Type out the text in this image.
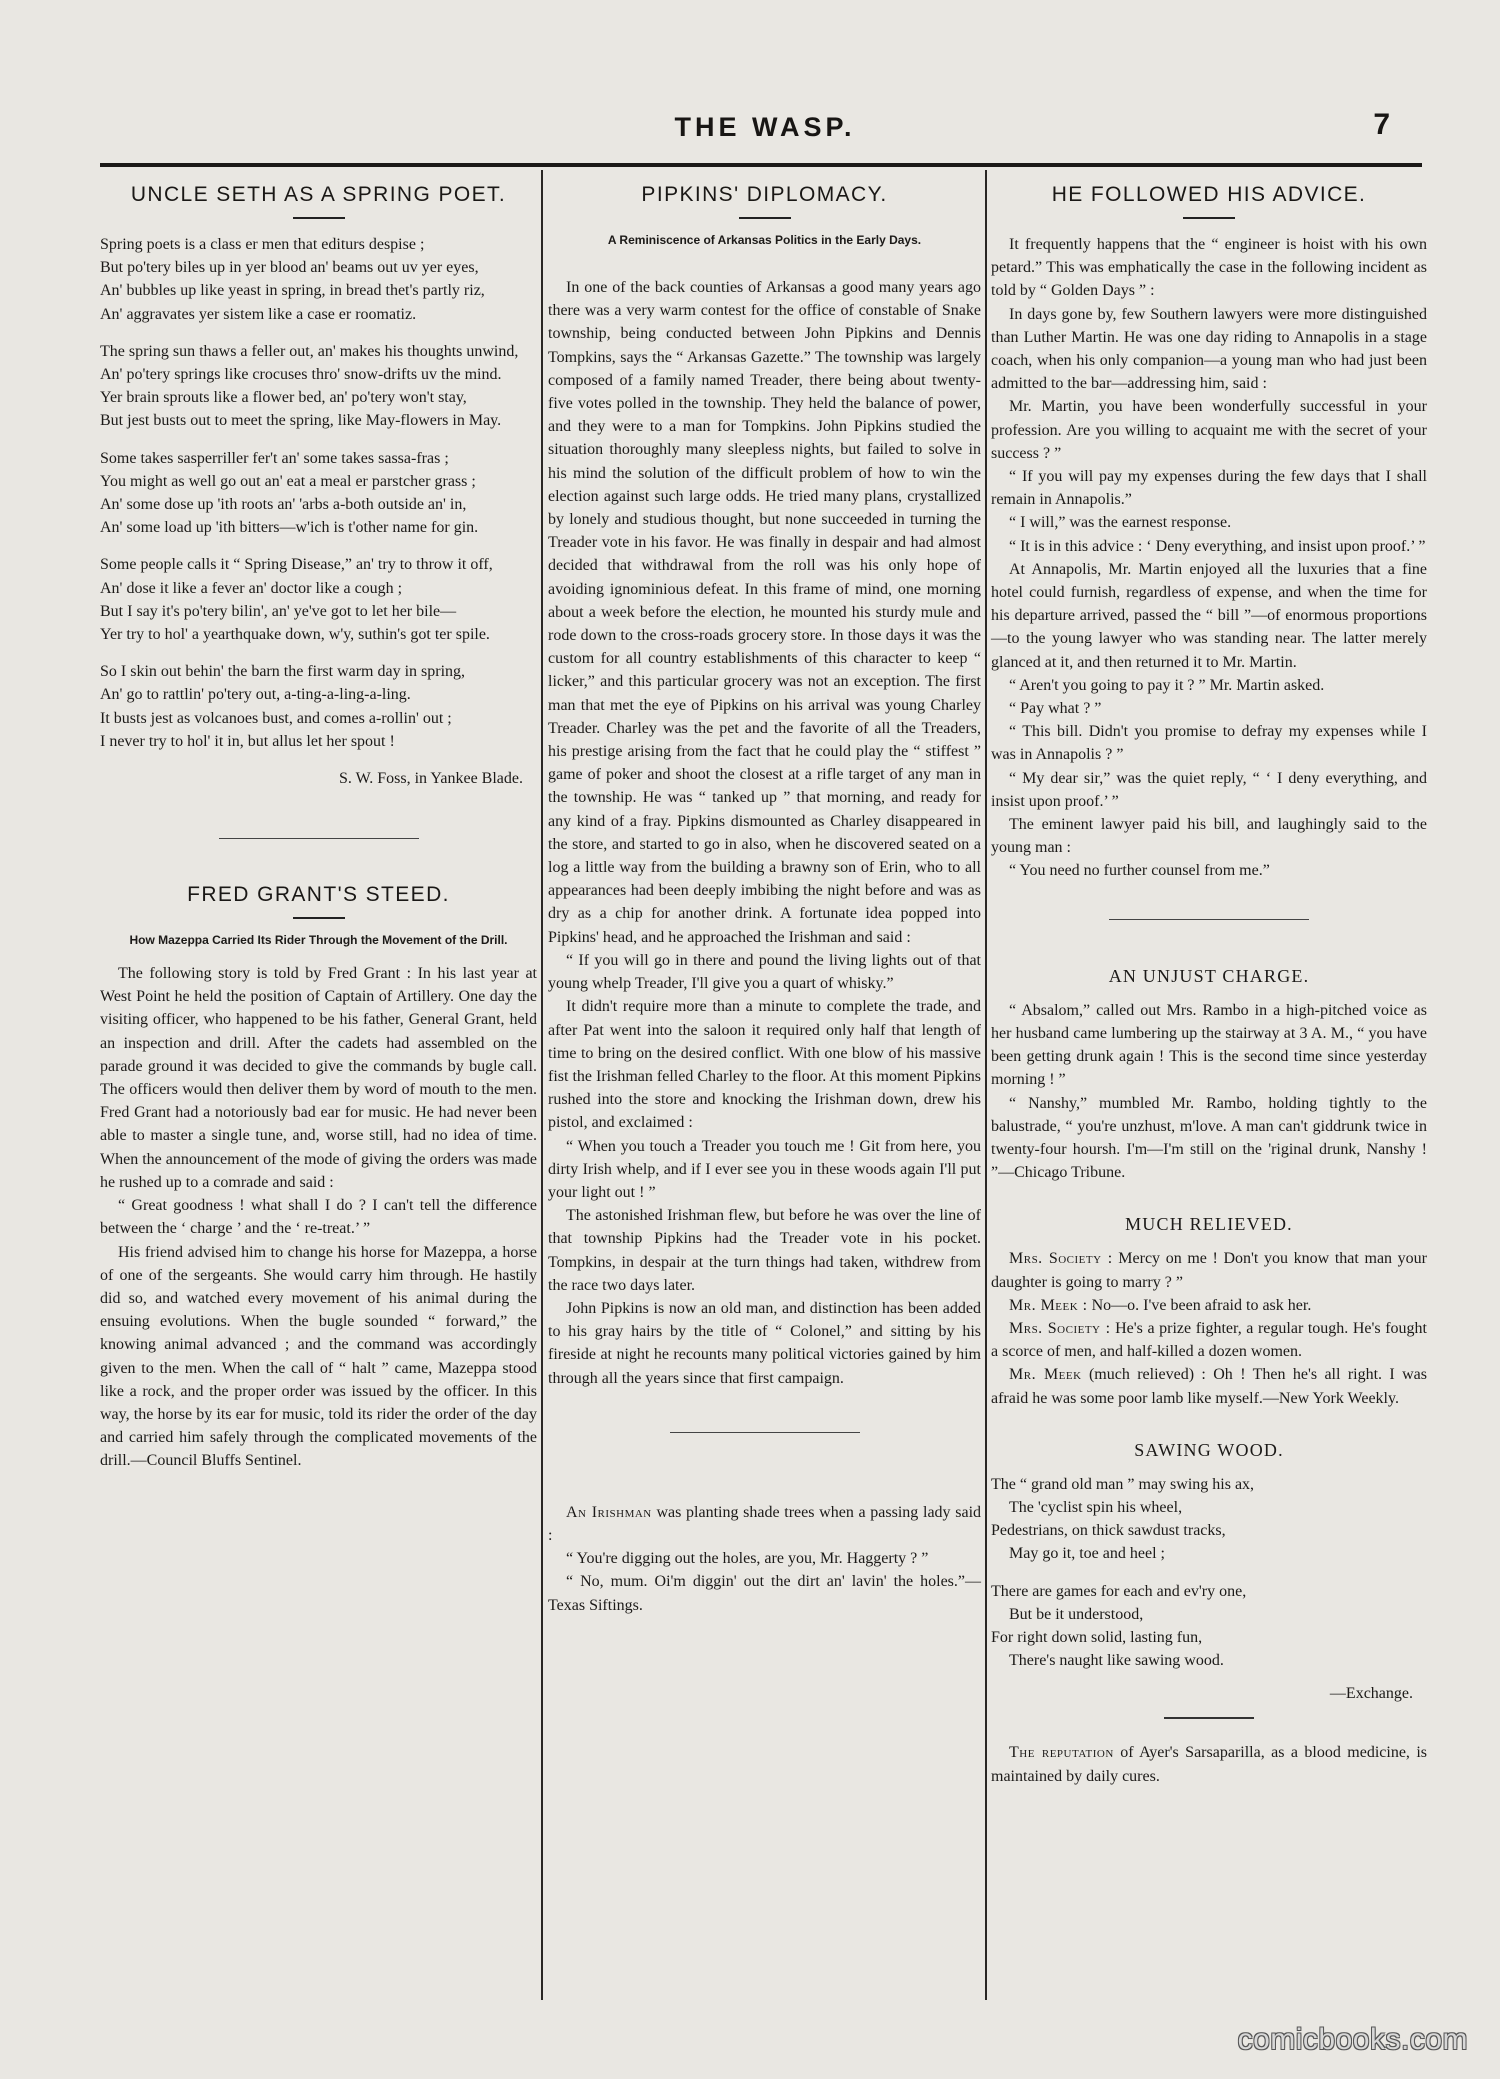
THE WASP.	7
UNCLE SETH AS A SPRING POET.
Spring poets is a class er men that editurs despise ;
But po'tery biles up in yer blood an' beams out uv yer eyes,
An' bubbles up like yeast in spring, in bread thet's partly riz,
An' aggravates yer sistem like a case er roomatiz.
The spring sun thaws a feller out, an' makes his thoughts unwind,
An' po'tery springs like crocuses thro' snow-drifts uv the mind.
Yer brain sprouts like a flower bed, an' po'tery won't stay,
But jest busts out to meet the spring, like May-flowers in May.
Some takes sasperriller fer't an' some takes sassa-fras ;
You might as well go out an' eat a meal er parstcher grass ;
An' some dose up 'ith roots an' 'arbs a-both outside an' in,
An' some load up 'ith bitters—w'ich is t'other name for gin.
Some people calls it “ Spring Disease,” an' try to throw it off,
An' dose it like a fever an' doctor like a cough ;
But I say it's po'tery bilin', an' ye've got to let her bile—
Yer try to hol' a yearthquake down, w'y, suthin's got ter spile.
So I skin out behin' the barn the first warm day in spring,
An' go to rattlin' po'tery out, a-ting-a-ling-a-ling.
It busts jest as volcanoes bust, and comes a-rollin' out ;
I never try to hol' it in, but allus let her spout !
S. W. Foss, in Yankee Blade.
FRED GRANT'S STEED.
How Mazeppa Carried Its Rider Through the Movement of the Drill.

The following story is told by Fred Grant : In his last year at West Point he held the position of Captain of Artillery. One day the visiting officer, who happened to be his father, General Grant, held an inspection and drill. After the cadets had assembled on the parade ground it was decided to give the commands by bugle call. The officers would then deliver them by word of mouth to the men. Fred Grant had a notoriously bad ear for music. He had never been able to master a single tune, and, worse still, had no idea of time. When the announcement of the mode of giving the orders was made he rushed up to a comrade and said :

“ Great goodness ! what shall I do ? I can't tell the difference between the ‘ charge ’ and the ‘ re-treat.’ ”

His friend advised him to change his horse for Mazeppa, a horse of one of the sergeants. She would carry him through. He hastily did so, and watched every movement of his animal during the ensuing evolutions. When the bugle sounded “ forward,” the knowing animal advanced ; and the command was accordingly given to the men. When the call of “ halt ” came, Mazeppa stood like a rock, and the proper order was issued by the officer. In this way, the horse by its ear for music, told its rider the order of the day and carried him safely through the complicated movements of the drill.—Council Bluffs Sentinel.

PIPKINS' DIPLOMACY.
A Reminiscence of Arkansas Politics in the Early Days.

In one of the back counties of Arkansas a good many years ago there was a very warm contest for the office of constable of Snake township, being conducted between John Pipkins and Dennis Tompkins, says the “ Arkansas Gazette.” The township was largely composed of a family named Treader, there being about twenty-five votes polled in the township. They held the balance of power, and they were to a man for Tompkins. John Pipkins studied the situation thoroughly many sleepless nights, but failed to solve in his mind the solution of the difficult problem of how to win the election against such large odds. He tried many plans, crystallized by lonely and studious thought, but none succeeded in turning the Treader vote in his favor. He was finally in despair and had almost decided that withdrawal from the roll was his only hope of avoiding ignominious defeat. In this frame of mind, one morning about a week before the election, he mounted his sturdy mule and rode down to the cross-roads grocery store. In those days it was the custom for all country establishments of this character to keep “ licker,” and this particular grocery was not an exception. The first man that met the eye of Pipkins on his arrival was young Charley Treader. Charley was the pet and the favorite of all the Treaders, his prestige arising from the fact that he could play the “ stiffest ” game of poker and shoot the closest at a rifle target of any man in the township. He was “ tanked up ” that morning, and ready for any kind of a fray. Pipkins dismounted as Charley disappeared in the store, and started to go in also, when he discovered seated on a log a little way from the building a brawny son of Erin, who to all appearances had been deeply imbibing the night before and was as dry as a chip for another drink. A fortunate idea popped into Pipkins' head, and he approached the Irishman and said :

“ If you will go in there and pound the living lights out of that young whelp Treader, I'll give you a quart of whisky.”

It didn't require more than a minute to complete the trade, and after Pat went into the saloon it required only half that length of time to bring on the desired conflict. With one blow of his massive fist the Irishman felled Charley to the floor. At this moment Pipkins rushed into the store and knocking the Irishman down, drew his pistol, and exclaimed :

“ When you touch a Treader you touch me ! Git from here, you dirty Irish whelp, and if I ever see you in these woods again I'll put your light out ! ”

The astonished Irishman flew, but before he was over the line of that township Pipkins had the Treader vote in his pocket. Tompkins, in despair at the turn things had taken, withdrew from the race two days later.

John Pipkins is now an old man, and distinction has been added to his gray hairs by the title of “ Colonel,” and sitting by his fireside at night he recounts many political victories gained by him through all the years since that first campaign.

An Irishman was planting shade trees when a passing lady said :

“ You're digging out the holes, are you, Mr. Haggerty ? ”

“ No, mum. Oi'm diggin' out the dirt an' lavin' the holes.”—Texas Siftings.

HE FOLLOWED HIS ADVICE.

It frequently happens that the “ engineer is hoist with his own petard.” This was emphatically the case in the following incident as told by “ Golden Days ” :

In days gone by, few Southern lawyers were more distinguished than Luther Martin. He was one day riding to Annapolis in a stage coach, when his only companion—a young man who had just been admitted to the bar—addressing him, said :

Mr. Martin, you have been wonderfully successful in your profession. Are you willing to acquaint me with the secret of your success ? ”

“ If you will pay my expenses during the few days that I shall remain in Annapolis.”

“ I will,” was the earnest response.

“ It is in this advice : ‘ Deny everything, and insist upon proof.’ ”

At Annapolis, Mr. Martin enjoyed all the luxuries that a fine hotel could furnish, regardless of expense, and when the time for his departure arrived, passed the “ bill ”—of enormous proportions —to the young lawyer who was standing near. The latter merely glanced at it, and then returned it to Mr. Martin.

“ Aren't you going to pay it ? ” Mr. Martin asked.

“ Pay what ? ”

“ This bill. Didn't you promise to defray my expenses while I was in Annapolis ? ”

“ My dear sir,” was the quiet reply, “ ‘ I deny everything, and insist upon proof.’ ”

The eminent lawyer paid his bill, and laughingly said to the young man :

“ You need no further counsel from me.”

AN UNJUST CHARGE.

“ Absalom,” called out Mrs. Rambo in a high-pitched voice as her husband came lumbering up the stairway at 3 A. M., “ you have been getting drunk again ! This is the second time since yesterday morning ! ”

“ Nanshy,” mumbled Mr. Rambo, holding tightly to the balustrade, “ you're unzhust, m'love. A man can't giddrunk twice in twenty-four hoursh. I'm—I'm still on the 'riginal drunk, Nanshy ! ”—Chicago Tribune.

MUCH RELIEVED.

Mrs. Society : Mercy on me ! Don't you know that man your daughter is going to marry ? ”

Mr. Meek : No—o. I've been afraid to ask her.

Mrs. Society : He's a prize fighter, a regular tough. He's fought a scorce of men, and half-killed a dozen women.

Mr. Meek (much relieved) : Oh ! Then he's all right. I was afraid he was some poor lamb like myself.—New York Weekly.

SAWING WOOD.
The “ grand old man ” may swing his ax,
The 'cyclist spin his wheel,
Pedestrians, on thick sawdust tracks,
May go it, toe and heel ;
There are games for each and ev'ry one,
But be it understood,
For right down solid, lasting fun,
There's naught like sawing wood.
—Exchange.

The reputation of Ayer's Sarsaparilla, as a blood medicine, is maintained by daily cures.

comicbooks.com
